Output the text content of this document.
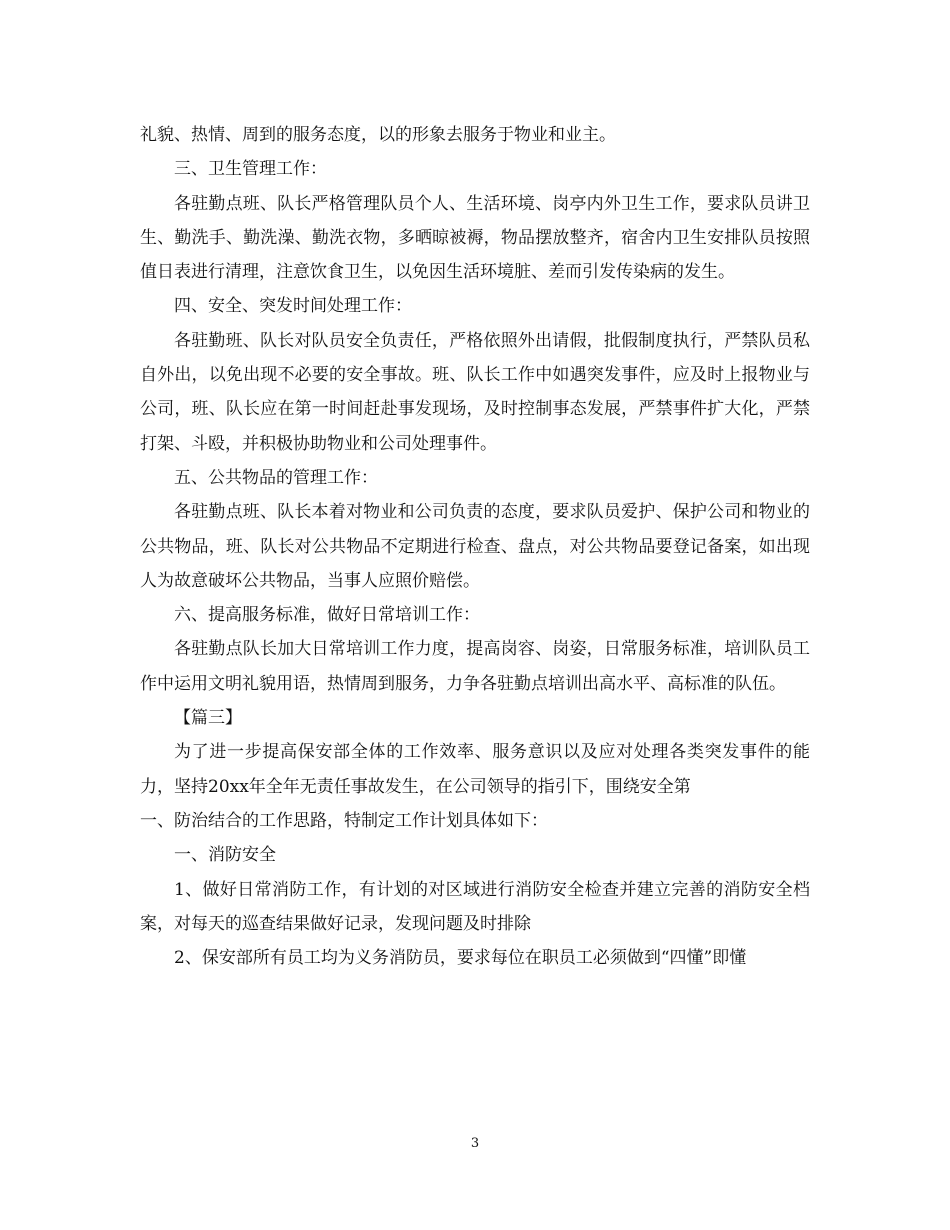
礼貌、热情、周到的服务态度，以的形象去服务于物业和业主。

三、卫生管理工作：

各驻勤点班、队长严格管理队员个人、生活环境、岗亭内外卫生工作，要求队员讲卫生、勤洗手、勤洗澡、勤洗衣物，多晒晾被褥，物品摆放整齐，宿舍内卫生安排队员按照值日表进行清理，注意饮食卫生，以免因生活环境脏、差而引发传染病的发生。

四、安全、突发时间处理工作：

各驻勤班、队长对队员安全负责任，严格依照外出请假，批假制度执行，严禁队员私自外出，以免出现不必要的安全事故。班、队长工作中如遇突发事件，应及时上报物业与公司，班、队长应在第一时间赶赴事发现场，及时控制事态发展，严禁事件扩大化，严禁打架、斗殴，并积极协助物业和公司处理事件。

五、公共物品的管理工作：

各驻勤点班、队长本着对物业和公司负责的态度，要求队员爱护、保护公司和物业的公共物品，班、队长对公共物品不定期进行检查、盘点，对公共物品要登记备案，如出现人为故意破坏公共物品，当事人应照价赔偿。

六、提高服务标准，做好日常培训工作：

各驻勤点队长加大日常培训工作力度，提高岗容、岗姿，日常服务标准，培训队员工作中运用文明礼貌用语，热情周到服务，力争各驻勤点培训出高水平、高标准的队伍。

【篇三】

为了进一步提高保安部全体的工作效率、服务意识以及应对处理各类突发事件的能力，坚持20xx年全年无责任事故发生，在公司领导的指引下，围绕安全第

一、防治结合的工作思路，特制定工作计划具体如下：

一、消防安全

1、做好日常消防工作，有计划的对区域进行消防安全检查并建立完善的消防安全档案，对每天的巡查结果做好记录，发现问题及时排除

2、保安部所有员工均为义务消防员，要求每位在职员工必须做到“四懂”即懂

3
